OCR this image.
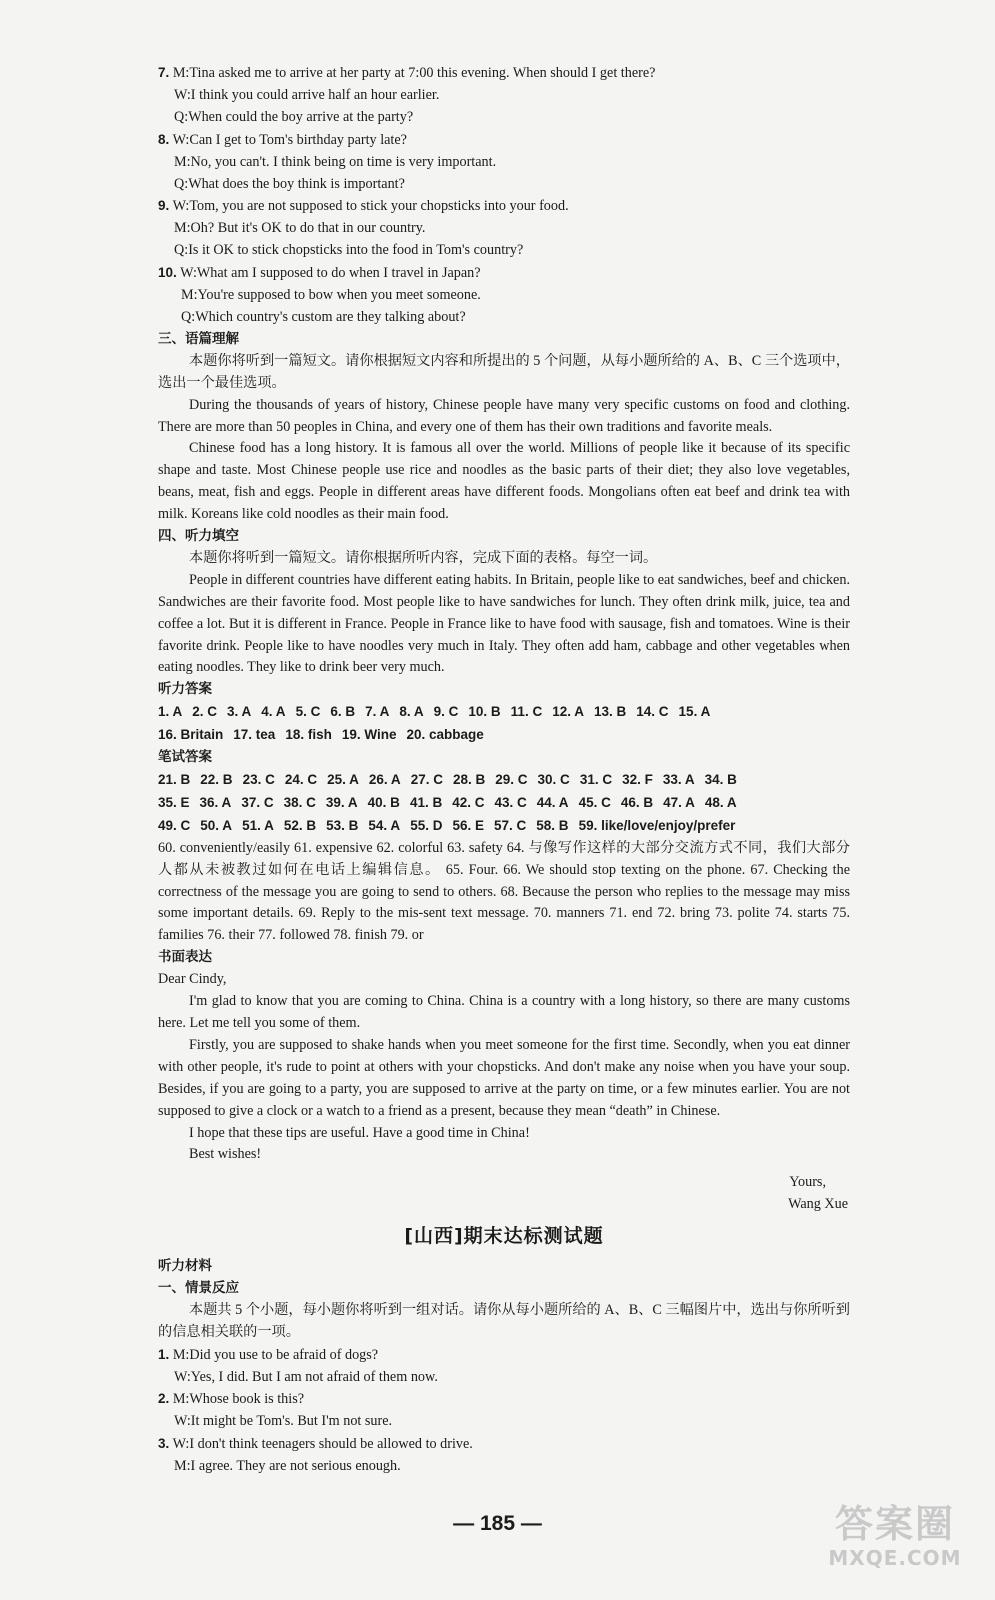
7. M:Tina asked me to arrive at her party at 7:00 this evening. When should I get there?
W:I think you could arrive half an hour earlier.
Q:When could the boy arrive at the party?
8. W:Can I get to Tom's birthday party late?
M:No, you can't. I think being on time is very important.
Q:What does the boy think is important?
9. W:Tom, you are not supposed to stick your chopsticks into your food.
M:Oh? But it's OK to do that in our country.
Q:Is it OK to stick chopsticks into the food in Tom's country?
10. W:What am I supposed to do when I travel in Japan?
M:You're supposed to bow when you meet someone.
Q:Which country's custom are they talking about?
三、语篇理解
本题你将听到一篇短文。请你根据短文内容和所提出的 5 个问题，从每小题所给的 A、B、C 三个选项中，选出一个最佳选项。
During the thousands of years of history, Chinese people have many very specific customs on food and clothing. There are more than 50 peoples in China, and every one of them has their own traditions and favorite meals.
Chinese food has a long history. It is famous all over the world. Millions of people like it because of its specific shape and taste. Most Chinese people use rice and noodles as the basic parts of their diet; they also love vegetables, beans, meat, fish and eggs. People in different areas have different foods. Mongolians often eat beef and drink tea with milk. Koreans like cold noodles as their main food.
四、听力填空
本题你将听到一篇短文。请你根据所听内容，完成下面的表格。每空一词。
People in different countries have different eating habits. In Britain, people like to eat sandwiches, beef and chicken. Sandwiches are their favorite food. Most people like to have sandwiches for lunch. They often drink milk, juice, tea and coffee a lot. But it is different in France. People in France like to have food with sausage, fish and tomatoes. Wine is their favorite drink. People like to have noodles very much in Italy. They often add ham, cabbage and other vegetables when eating noodles. They like to drink beer very much.
听力答案
1. A 2. C 3. A 4. A 5. C 6. B 7. A 8. A 9. C 10. B 11. C 12. A 13. B 14. C 15. A
16. Britain 17. tea 18. fish 19. Wine 20. cabbage
笔试答案
21. B 22. B 23. C 24. C 25. A 26. A 27. C 28. B 29. C 30. C 31. C 32. F 33. A 34. B
35. E 36. A 37. C 38. C 39. A 40. B 41. B 42. C 43. C 44. A 45. C 46. B 47. A 48. A
49. C 50. A 51. A 52. B 53. B 54. A 55. D 56. E 57. C 58. B 59. like/love/enjoy/prefer
60. conveniently/easily 61. expensive 62. colorful 63. safety 64. 与像写作这样的大部分交流方式不同，我们大部分人都从未被教过如何在电话上编辑信息。 65. Four. 66. We should stop texting on the phone. 67. Checking the correctness of the message you are going to send to others. 68. Because the person who replies to the message may miss some important details. 69. Reply to the mis-sent text message. 70. manners 71. end 72. bring 73. polite 74. starts 75. families 76. their 77. followed 78. finish 79. or
书面表达
Dear Cindy,
I'm glad to know that you are coming to China. China is a country with a long history, so there are many customs here. Let me tell you some of them.
Firstly, you are supposed to shake hands when you meet someone for the first time. Secondly, when you eat dinner with other people, it's rude to point at others with your chopsticks. And don't make any noise when you have your soup. Besides, if you are going to a party, you are supposed to arrive at the party on time, or a few minutes earlier. You are not supposed to give a clock or a watch to a friend as a present, because they mean “death” in Chinese.
I hope that these tips are useful. Have a good time in China!
Best wishes!
Yours,
Wang Xue
[山西]期末达标测试题
听力材料
一、情景反应
本题共 5 个小题，每小题你将听到一组对话。请你从每小题所给的 A、B、C 三幅图片中，选出与你所听到的信息相关联的一项。
1. M:Did you use to be afraid of dogs?
W:Yes, I did. But I am not afraid of them now.
2. M:Whose book is this?
W:It might be Tom's. But I'm not sure.
3. W:I don't think teenagers should be allowed to drive.
M:I agree. They are not serious enough.
— 185 —	答案圈
MXQE.COM
